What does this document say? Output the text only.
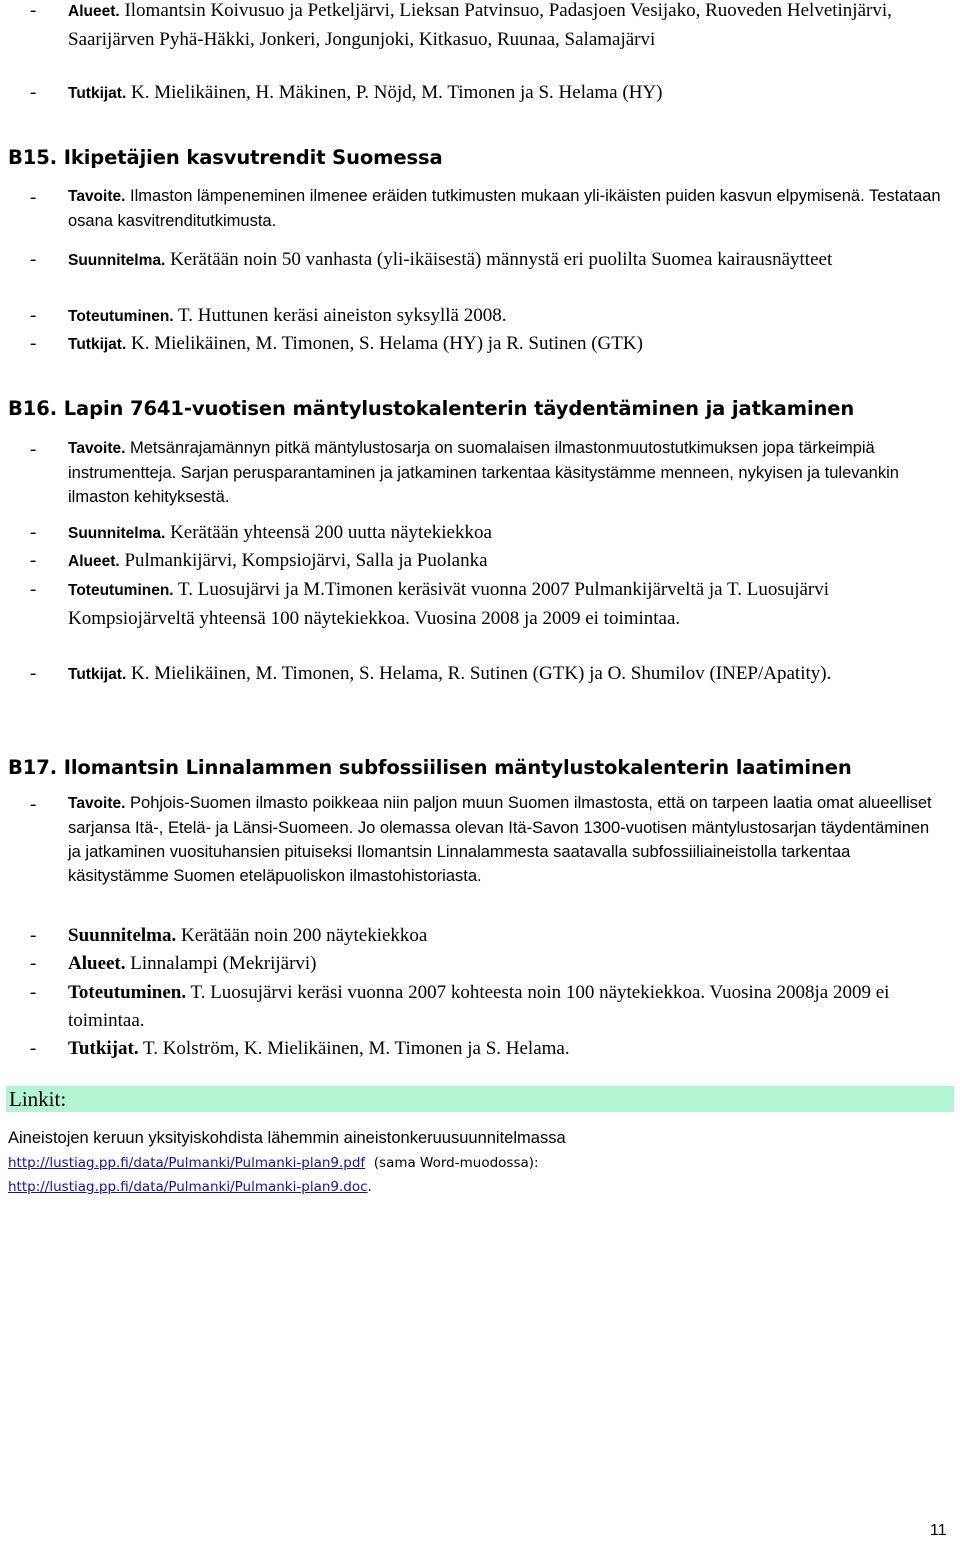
- Alueet. Ilomantsin Koivusuo ja Petkeljärvi, Lieksan Patvinsuo, Padasjoen Vesijako, Ruoveden Helvetinjärvi, Saarijärven Pyhä-Häkki, Jonkeri, Jongunjoki, Kitkasuo, Ruunaa, Salamajärvi
- Tutkijat. K. Mielikäinen, H. Mäkinen, P. Nöjd, M. Timonen ja S. Helama (HY)
B15. Ikipetäjien kasvutrendit Suomessa
- Tavoite. Ilmaston lämpeneminen ilmenee eräiden tutkimusten mukaan yli-ikäisten puiden kasvun elpymisenä. Testataan osana kasvitrenditutkimusta.
- Suunnitelma. Kerätään noin 50 vanhasta (yli-ikäisestä) männystä eri puolilta Suomea kairausnäytteet
- Toteutuminen. T. Huttunen keräsi aineiston syksyllä 2008.
- Tutkijat. K. Mielikäinen, M. Timonen, S. Helama (HY) ja R. Sutinen (GTK)
B16. Lapin 7641-vuotisen mäntylustokalenterin täydentäminen ja jatkaminen
- Tavoite. Metsänrajamännyn pitkä mäntylustosarja on suomalaisen ilmastonmuutostutkimuksen jopa tärkeimpiä instrumentteja. Sarjan perusparantaminen ja jatkaminen tarkentaa käsitystämme menneen, nykyisen ja tulevankin ilmaston kehityksestä.
- Suunnitelma. Kerätään yhteensä 200 uutta näytekiekkoa
- Alueet. Pulmankijärvi, Kompsiojärvi, Salla ja Puolanka
- Toteutuminen. T. Luosujärvi ja M.Timonen keräsivät vuonna 2007 Pulmankijärveltä ja T. Luosujärvi Kompsiojärveltä yhteensä 100 näytekiekkoa. Vuosina 2008 ja 2009 ei toimintaa.
- Tutkijat. K. Mielikäinen, M. Timonen, S. Helama, R. Sutinen (GTK) ja O. Shumilov (INEP/Apatity).
B17. Ilomantsin Linnalammen subfossiilisen mäntylustokalenterin laatiminen
- Tavoite. Pohjois-Suomen ilmasto poikkeaa niin paljon muun Suomen ilmastosta, että on tarpeen laatia omat alueelliset sarjansa Itä-, Etelä- ja Länsi-Suomeen. Jo olemassa olevan Itä-Savon 1300-vuotisen mäntylustosarjan täydentäminen ja jatkaminen vuosituhansien pituiseksi Ilomantsin Linnalammesta saatavalla subfossiiliaineistolla tarkentaa käsitystämme Suomen eteläpuoliskon ilmastohistoriasta.
- Suunnitelma. Kerätään noin 200 näytekiekkoa
- Alueet. Linnalampi (Mekrijärvi)
- Toteutuminen. T. Luosujärvi keräsi vuonna 2007 kohteesta noin 100 näytekiekkoa. Vuosina 2008ja 2009 ei toimintaa.
- Tutkijat. T. Kolström, K. Mielikäinen, M. Timonen ja S. Helama.
Linkit:
Aineistojen keruun yksityiskohdista lähemmin aineistonkeruusuunnitelmassa
http://lustiag.pp.fi/data/Pulmanki/Pulmanki-plan9.pdf (sama Word-muodossa):
http://lustiag.pp.fi/data/Pulmanki/Pulmanki-plan9.doc.
11
